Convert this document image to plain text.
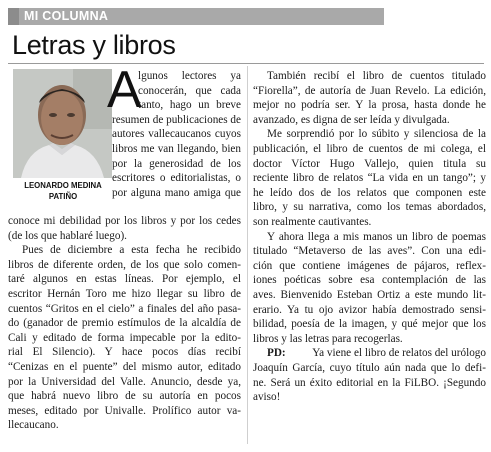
MI COLUMNA
Letras y libros
LEONARDO MEDINA
PATIÑO
A
lgunos lectores ya
conocerán, que cada
tanto, hago un breve
resumen de publicaciones de
autores vallecaucanos cuyos
libros me van llegando, bien
por la generosidad de los
escritores o editorialistas, o
por alguna mano amiga que
conoce mi debilidad por los libros y por los cedes
(de los que hablaré luego).
Pues de diciembre a esta fecha he recibido
libros de diferente orden, de los que solo comen-
taré algunos en estas líneas. Por ejemplo, el
escritor Hernán Toro me hizo llegar su libro de
cuentos “Gritos en el cielo” a finales del año pasa-
do (ganador de premio estímulos de la alcaldía de
Cali y editado de forma impecable por la edito-
rial El Silencio). Y hace pocos días recibí
“Cenizas en el puente” del mismo autor, editado
por la Universidad del Valle. Anuncio, desde ya,
que habrá nuevo libro de su autoría en pocos
meses, editado por Univalle. Prolífico autor va-
llecaucano.
También recibí el libro de cuentos titulado
“Fiorella”, de autoría de Juan Revelo. La edición,
mejor no podría ser. Y la prosa, hasta donde he
avanzado, es digna de ser leída y divulgada.
Me sorprendió por lo súbito y silenciosa de la
publicación, el libro de cuentos de mi colega, el
doctor Víctor Hugo Vallejo, quien titula su
reciente libro de relatos “La vida en un tango”; y
he leído dos de los relatos que componen este
libro, y su narrativa, como los temas abordados,
son realmente cautivantes.
Y ahora llega a mis manos un libro de poemas
titulado “Metaverso de las aves”. Con una edi-
ción que contiene imágenes de pájaros, reflex-
iones poéticas sobre esa contemplación de las
aves. Bienvenido Esteban Ortiz a este mundo lit-
erario. Ya tu ojo avizor había demostrado sensi-
bilidad, poesía de la imagen, y qué mejor que los
libros y las letras para recogerlas.
PD: Ya viene el libro de relatos del urólogo
Joaquín García, cuyo título aún nada que lo defi-
ne. Será un éxito editorial en la FiLBO. ¡Segundo
aviso!
